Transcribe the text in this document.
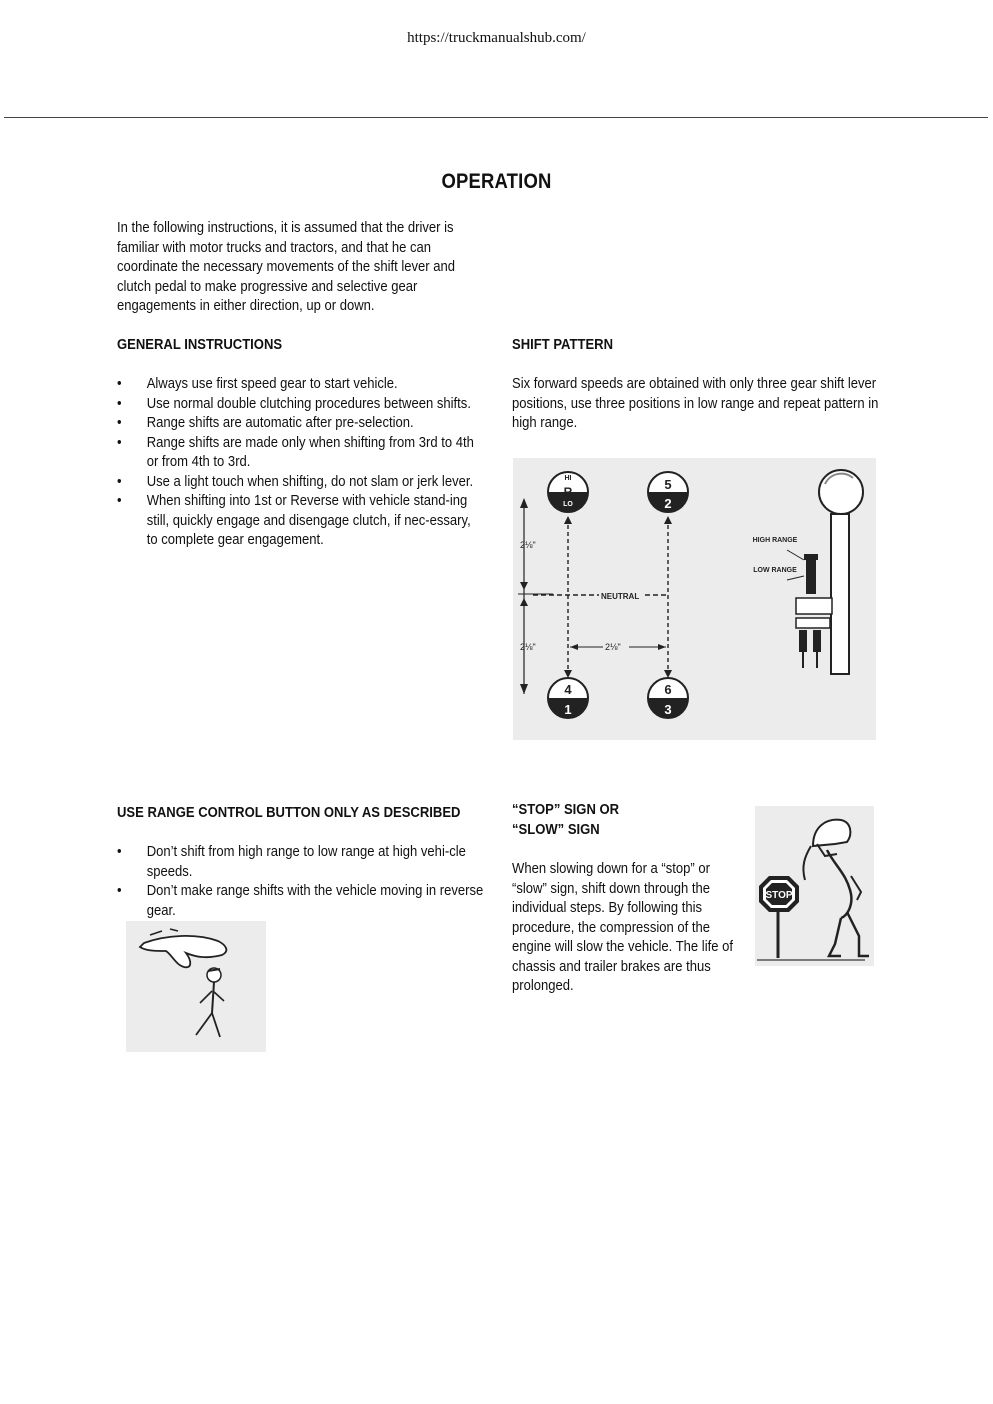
https://truckmanualshub.com/
OPERATION
In the following instructions, it is assumed that the driver is familiar with motor trucks and tractors, and that he can coordinate the necessary movements of the shift lever and clutch pedal to make progressive and selective gear engagements in either direction, up or down.
GENERAL INSTRUCTIONS
• Always use first speed gear to start vehicle.
• Use normal double clutching procedures between shifts.
• Range shifts are automatic after pre-selection.
• Range shifts are made only when shifting from 3rd to 4th or from 4th to 3rd.
• Use a light touch when shifting, do not slam or jerk lever.
• When shifting into 1st or Reverse with vehicle stand-ing still, quickly engage and disengage clutch, if nec-essary, to complete gear engagement.
SHIFT PATTERN
Six forward speeds are obtained with only three gear shift lever positions, use three positions in low range and repeat pattern in high range.
2⅛"
2⅛"
NEUTRAL
2⅛"
HI
R
LO
5
2
4
1
6
3
HIGH RANGE
LOW RANGE
USE RANGE CONTROL BUTTON ONLY AS DESCRIBED
• Don’t shift from high range to low range at high vehi-cle speeds.
• Don’t make range shifts with the vehicle moving in reverse gear.
“STOP” SIGN OR
“SLOW” SIGN
When slowing down for a “stop” or “slow” sign, shift down through the individual steps. By following this procedure, the compression of the engine will slow the vehicle. The life of chassis and trailer brakes are thus prolonged.
STOP
